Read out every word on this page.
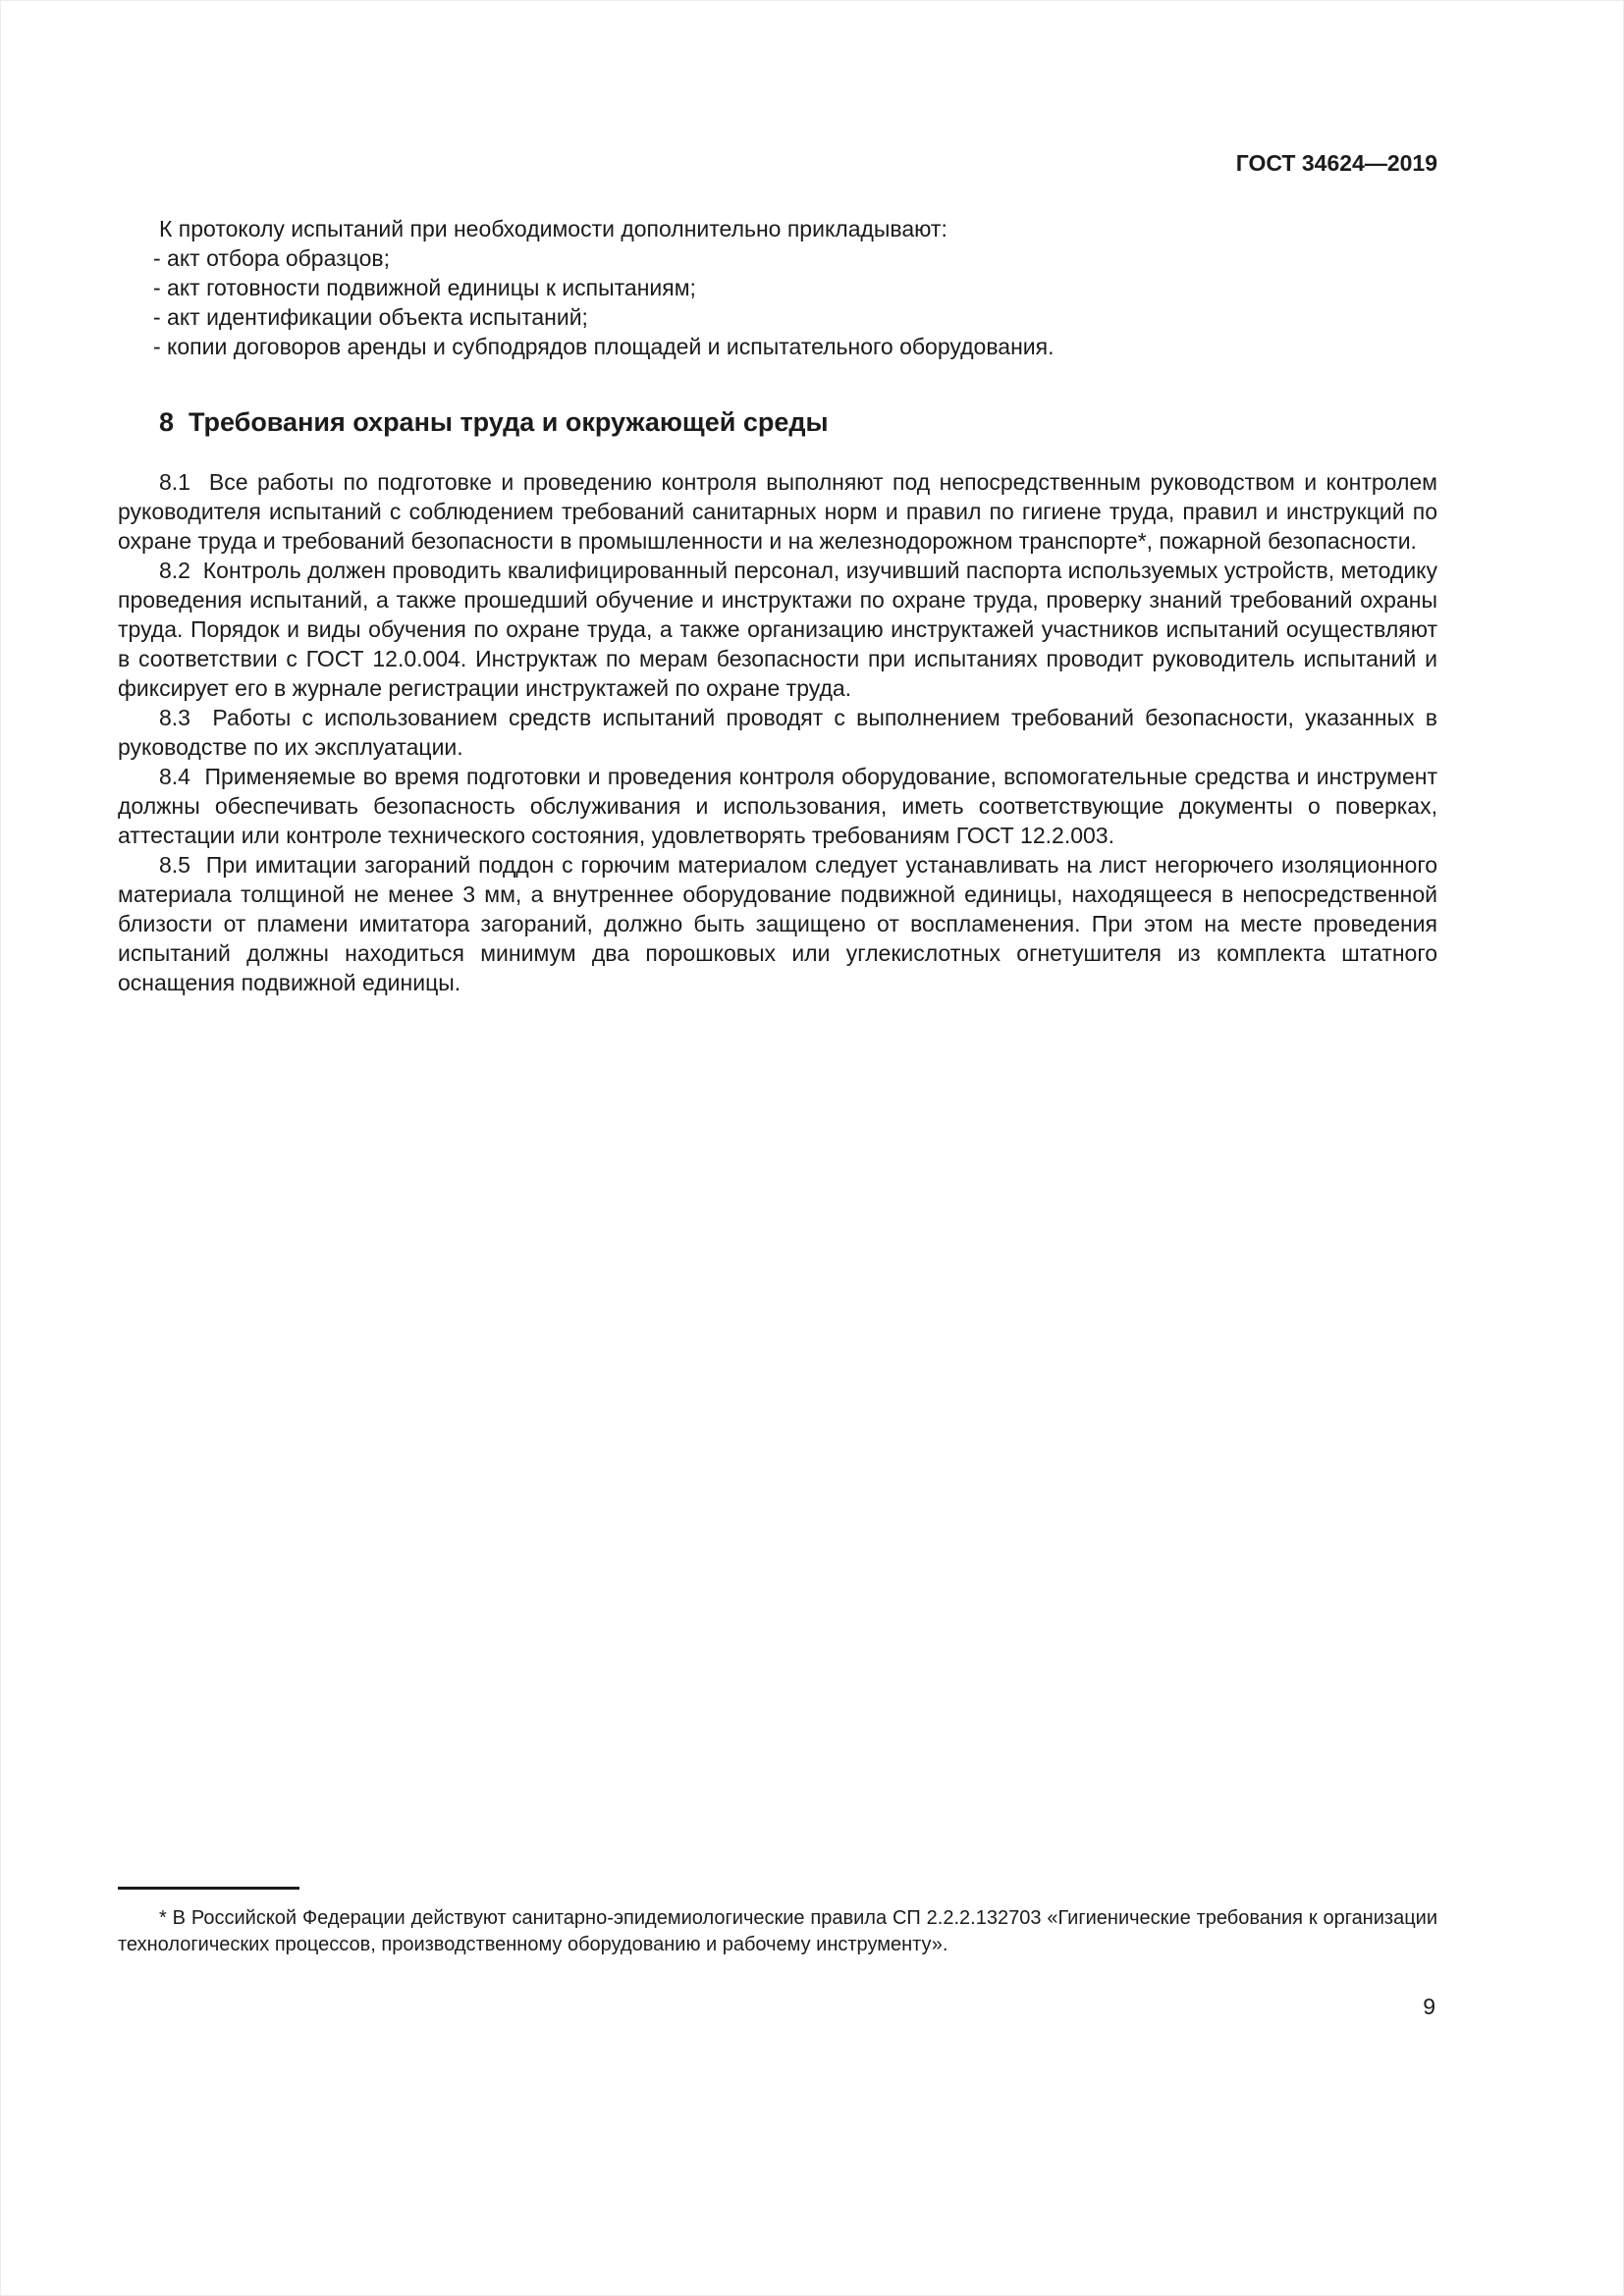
ГОСТ 34624—2019

К протоколу испытаний при необходимости дополнительно прикладывают:

- акт отбора образцов;

- акт готовности подвижной единицы к испытаниям;

- акт идентификации объекта испытаний;

- копии договоров аренды и субподрядов площадей и испытательного оборудования.

8  Требования охраны труда и окружающей среды

8.1  Все работы по подготовке и проведению контроля выполняют под непосредственным руководством и контролем руководителя испытаний с соблюдением требований санитарных норм и правил по гигиене труда, правил и инструкций по охране труда и требований безопасности в промышленности и на железнодорожном транспорте*, пожарной безопасности.

8.2  Контроль должен проводить квалифицированный персонал, изучивший паспорта используемых устройств, методику проведения испытаний, а также прошедший обучение и инструктажи по охране труда, проверку знаний требований охраны труда. Порядок и виды обучения по охране труда, а также организацию инструктажей участников испытаний осуществляют в соответствии с ГОСТ 12.0.004. Инструктаж по мерам безопасности при испытаниях проводит руководитель испытаний и фиксирует его в журнале регистрации инструктажей по охране труда.

8.3  Работы с использованием средств испытаний проводят с выполнением требований безопасности, указанных в руководстве по их эксплуатации.

8.4  Применяемые во время подготовки и проведения контроля оборудование, вспомогательные средства и инструмент должны обеспечивать безопасность обслуживания и использования, иметь соответствующие документы о поверках, аттестации или контроле технического состояния, удовлетворять требованиям ГОСТ 12.2.003.

8.5  При имитации загораний поддон с горючим материалом следует устанавливать на лист негорючего изоляционного материала толщиной не менее 3 мм, а внутреннее оборудование подвижной единицы, находящееся в непосредственной близости от пламени имитатора загораний, должно быть защищено от воспламенения. При этом на месте проведения испытаний должны находиться минимум два порошковых или углекислотных огнетушителя из комплекта штатного оснащения подвижной единицы.

* В Российской Федерации действуют санитарно-эпидемиологические правила СП 2.2.2.132703 «Гигиенические требования к организации технологических процессов, производственному оборудованию и рабочему инструменту».

9
